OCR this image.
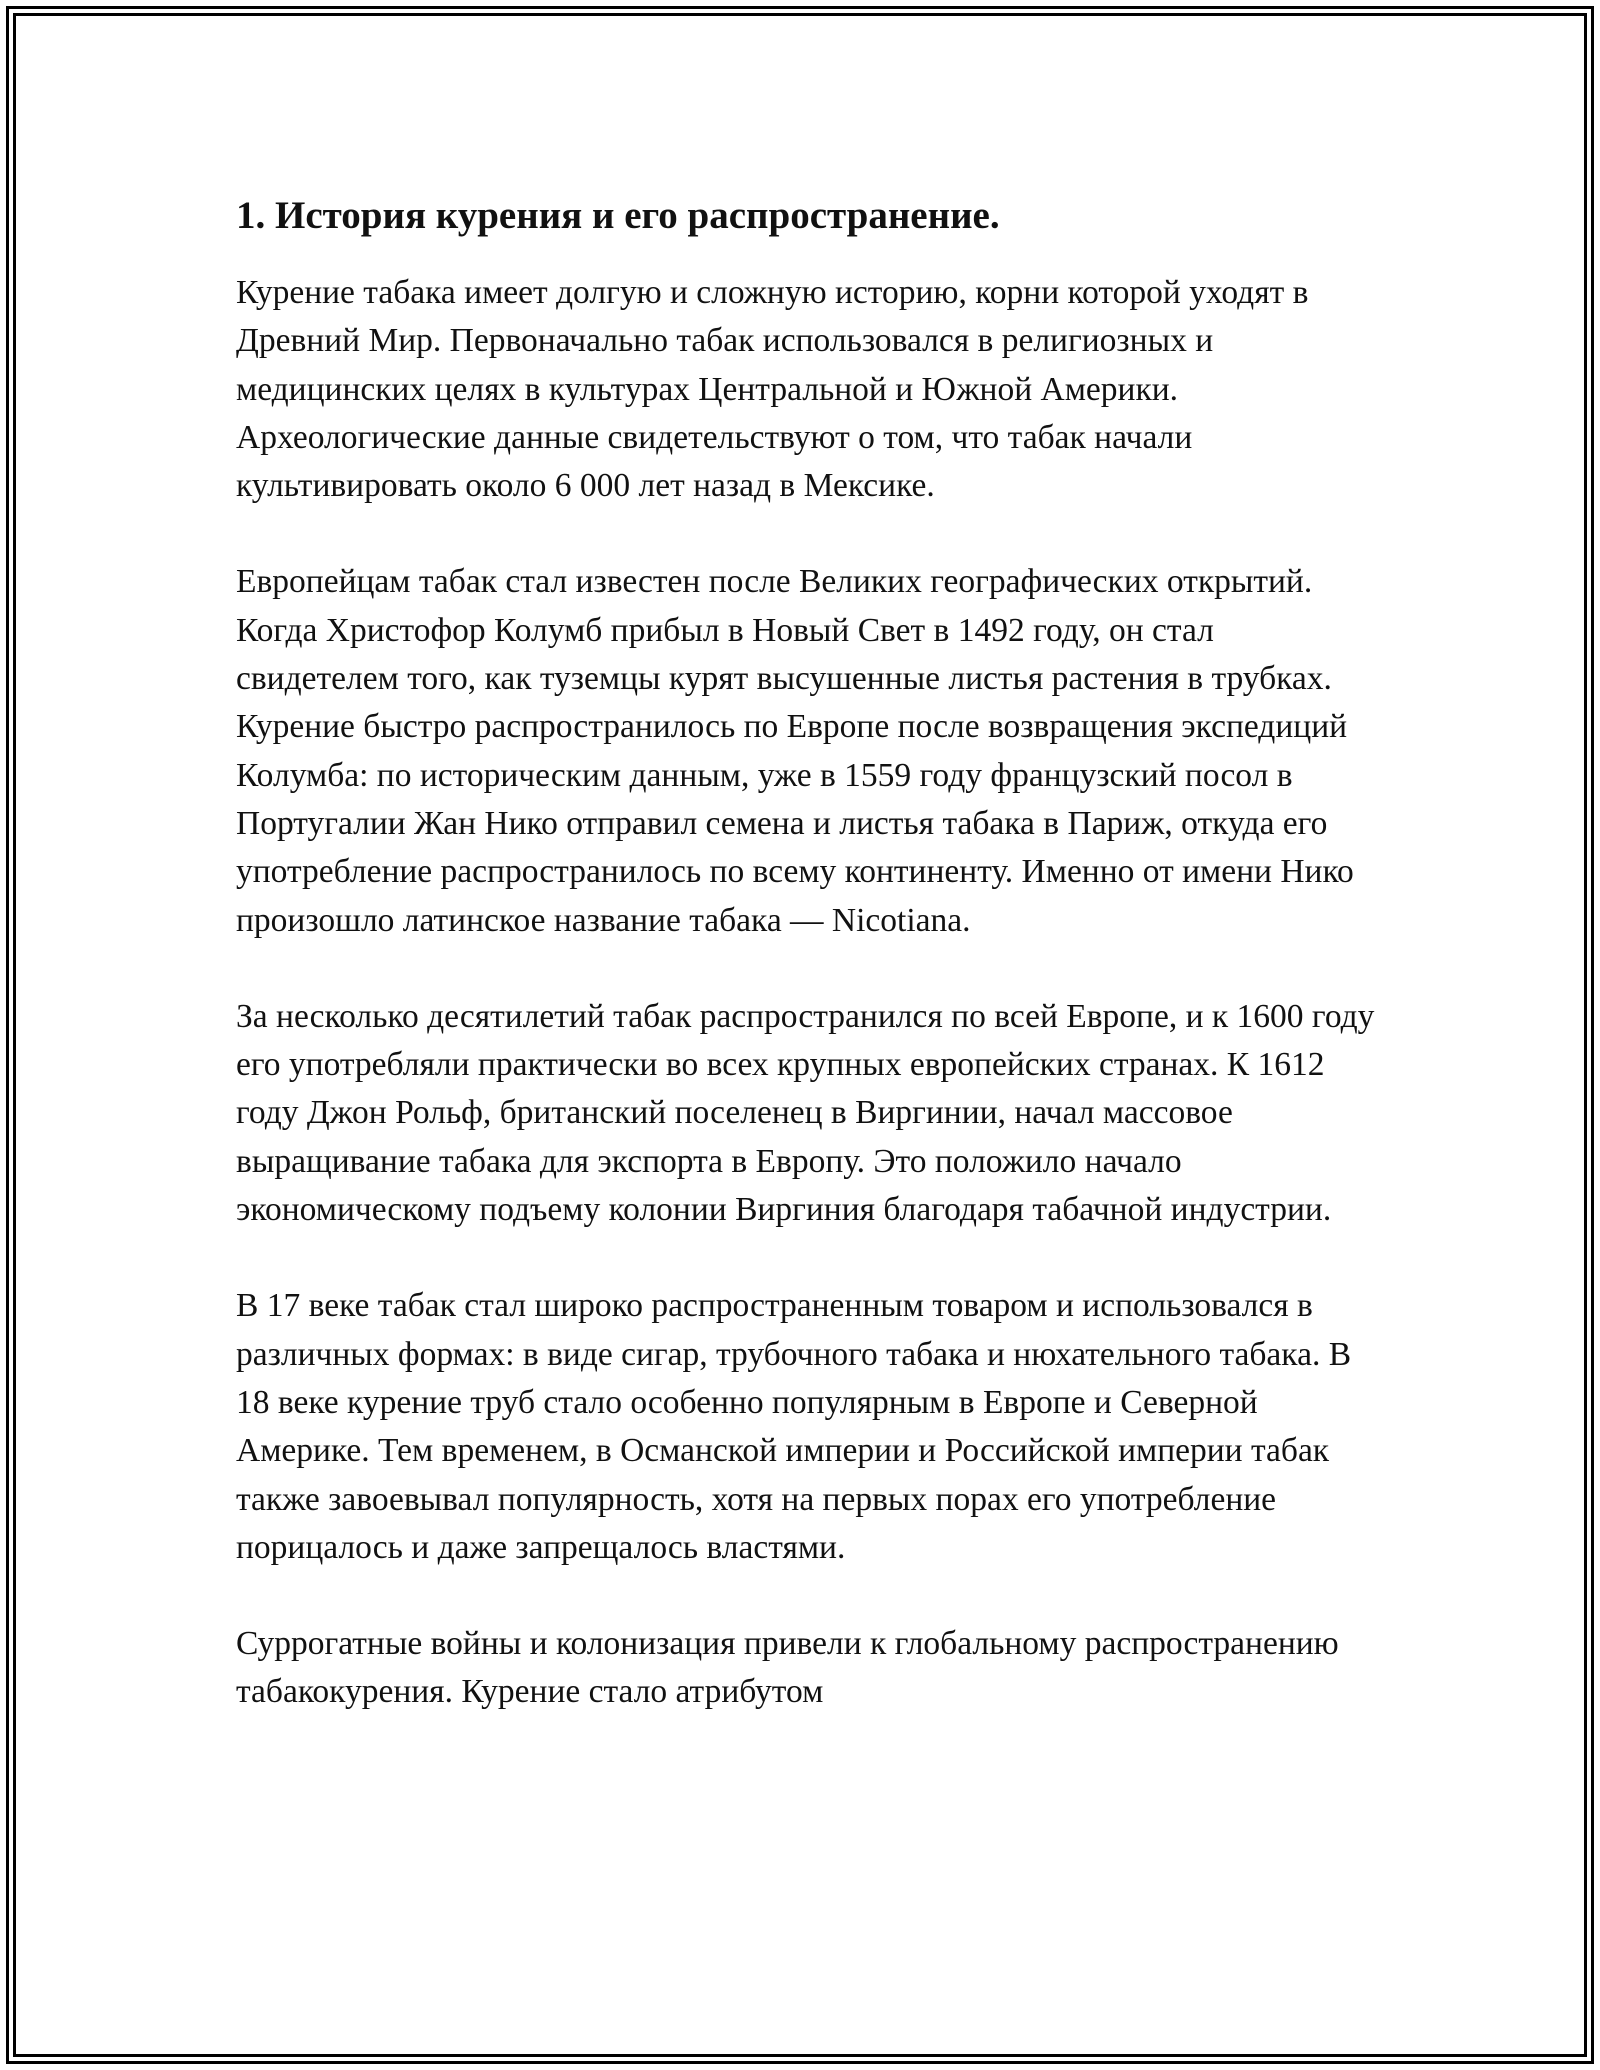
1. История курения и его распространение.

Курение табака имеет долгую и сложную историю, корни которой уходят в Древний Мир. Первоначально табак использовался в религиозных и медицинских целях в культурах Центральной и Южной Америки. Археологические данные свидетельствуют о том, что табак начали культивировать около 6 000 лет назад в Мексике.

Европейцам табак стал известен после Великих географических открытий. Когда Христофор Колумб прибыл в Новый Свет в 1492 году, он стал свидетелем того, как туземцы курят высушенные листья растения в трубках. Курение быстро распространилось по Европе после возвращения экспедиций Колумба: по историческим данным, уже в 1559 году французский посол в Португалии Жан Нико отправил семена и листья табака в Париж, откуда его употребление распространилось по всему континенту. Именно от имени Нико произошло латинское название табака — Nicotiana.

За несколько десятилетий табак распространился по всей Европе, и к 1600 году его употребляли практически во всех крупных европейских странах. К 1612 году Джон Рольф, британский поселенец в Виргинии, начал массовое выращивание табака для экспорта в Европу. Это положило начало экономическому подъему колонии Виргиния благодаря табачной индустрии.

В 17 веке табак стал широко распространенным товаром и использовался в различных формах: в виде сигар, трубочного табака и нюхательного табака. В 18 веке курение труб стало особенно популярным в Европе и Северной Америке. Тем временем, в Османской империи и Российской империи табак также завоевывал популярность, хотя на первых порах его употребление порицалось и даже запрещалось властями.

Суррогатные войны и колонизация привели к глобальному распространению табакокурения. Курение стало атрибутом
